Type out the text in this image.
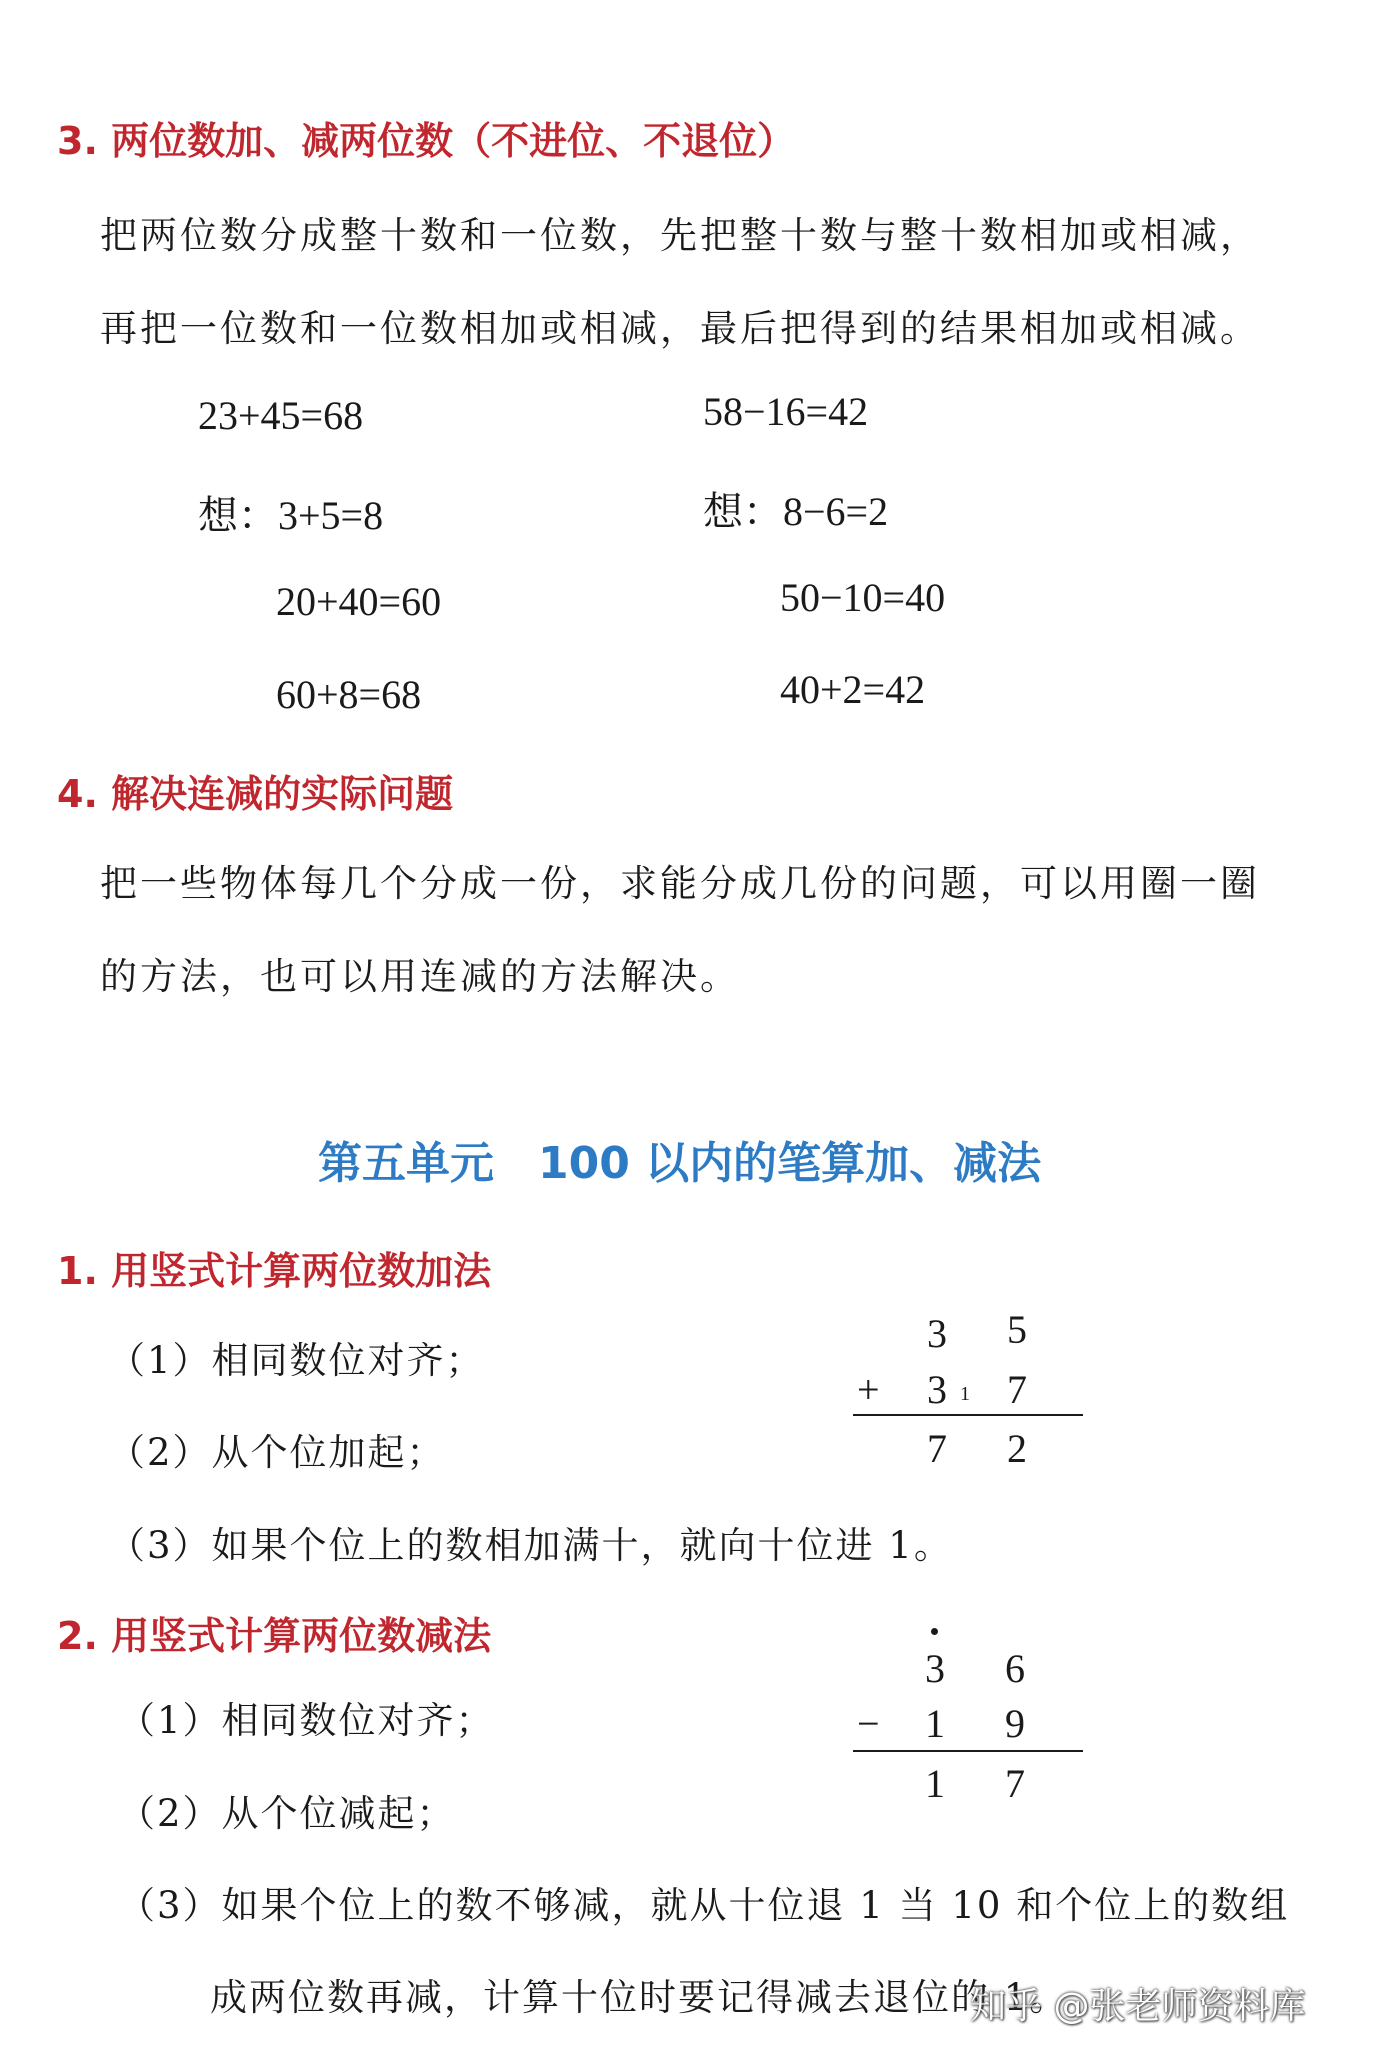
3. 两位数加、减两位数（不进位、不退位）
把两位数分成整十数和一位数，先把整十数与整十数相加或相减，
再把一位数和一位数相加或相减，最后把得到的结果相加或相减。
23+45=68
想：3+5=8
20+40=60
60+8=68
58−16=42
想：8−6=2
50−10=40
40+2=42
4. 解决连减的实际问题
把一些物体每几个分成一份，求能分成几份的问题，可以用圈一圈
的方法，也可以用连减的方法解决。
第五单元　100 以内的笔算加、减法
1. 用竖式计算两位数加法
（1）相同数位对齐；
（2）从个位加起；
（3）如果个位上的数相加满十，就向十位进 1。
3 5
+ 3 1 7
7 2
2. 用竖式计算两位数减法
（1）相同数位对齐；
（2）从个位减起；
（3）如果个位上的数不够减，就从十位退 1 当 10 和个位上的数组
成两位数再减，计算十位时要记得减去退位的 1。
3 6
− 1 9
1 7
知乎 @张老师资料库
